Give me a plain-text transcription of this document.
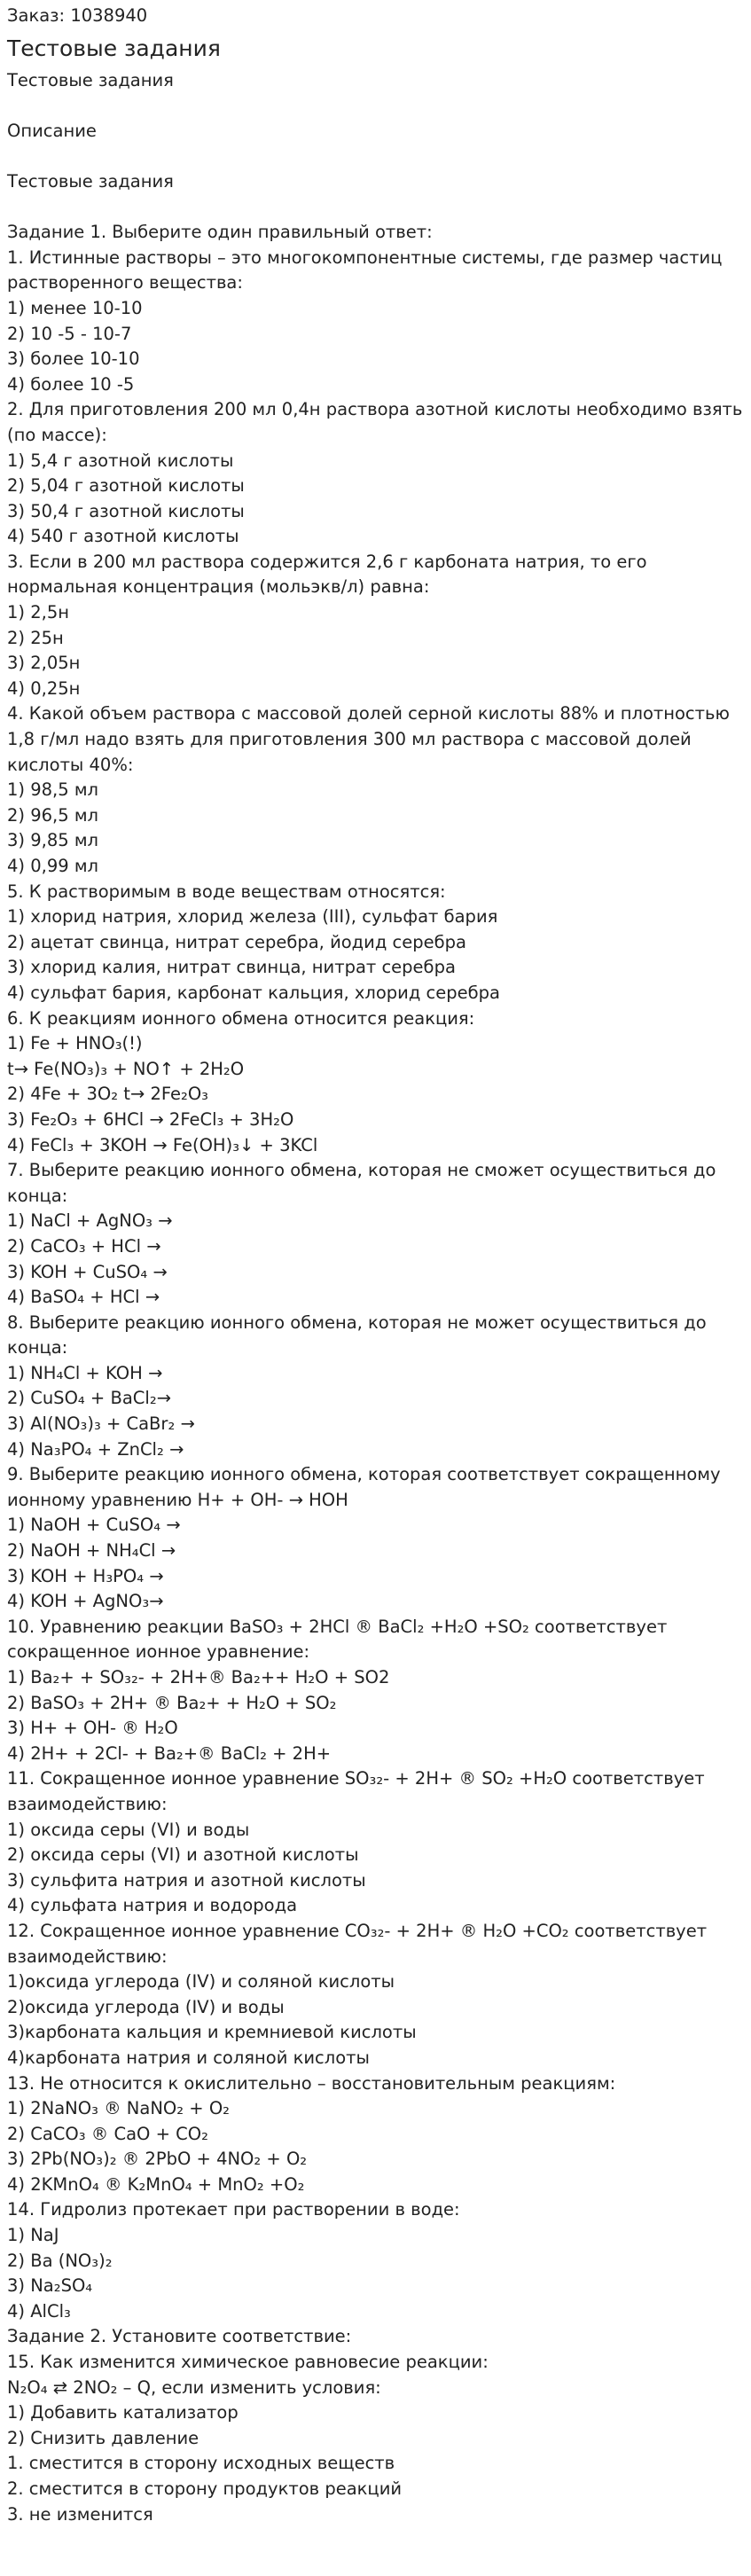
Заказ: 1038940
Тестовые задания
Тестовые задания
Описание
Тестовые задания
Задание 1. Выберите один правильный ответ:
1. Истинные растворы – это многокомпонентные системы, где размер частиц растворенного вещества:
1) менее 10-10
2) 10 -5 - 10-7
3) более 10-10
4) более 10 -5
2. Для приготовления 200 мл 0,4н раствора азотной кислоты необходимо взять (по массе):
1) 5,4 г азотной кислоты
2) 5,04 г азотной кислоты
3) 50,4 г азотной кислоты
4) 540 г азотной кислоты
3. Если в 200 мл раствора содержится 2,6 г карбоната натрия, то его нормальная концентрация (мольэкв/л) равна:
1) 2,5н
2) 25н
3) 2,05н
4) 0,25н
4. Какой объем раствора с массовой долей серной кислоты 88% и плотностью 1,8 г/мл надо взять для приготовления 300 мл раствора с массовой долей кислоты 40%:
1) 98,5 мл
2) 96,5 мл
3) 9,85 мл
4) 0,99 мл
5. К растворимым в воде веществам относятся:
1) хлорид натрия, хлорид железа (III), сульфат бария
2) ацетат свинца, нитрат серебра, йодид серебра
3) хлорид калия, нитрат свинца, нитрат серебра
4) сульфат бария, карбонат кальция, хлорид серебра
6. К реакциям ионного обмена относится реакция:
1) Fe + HNO₃(!)
t→ Fe(NO₃)₃ + NO↑ + 2H₂O
2) 4Fe + 3O₂ t→ 2Fe₂O₃
3) Fe₂O₃ + 6HCl → 2FeCl₃ + 3H₂O
4) FeCl₃ + 3KOH → Fe(OH)₃↓ + 3KCl
7. Выберите реакцию ионного обмена, которая не сможет осуществиться до конца:
1) NaCl + AgNO₃ →
2) CaCO₃ + HCl →
3) KOH + CuSO₄ →
4) BaSO₄ + HCl →
8. Выберите реакцию ионного обмена, которая не может осуществиться до конца:
1) NH₄Cl + KOH →
2) CuSO₄ + BaCl₂→
3) Al(NO₃)₃ + CaBr₂ →
4) Na₃PO₄ + ZnCl₂ →
9. Выберите реакцию ионного обмена, которая соответствует сокращенному ионному уравнению H+ + OH- → HOH
1) NaOH + CuSO₄ →
2) NaOH + NH₄Cl →
3) KOH + H₃PO₄ →
4) KOH + AgNO₃→
10. Уравнению реакции BaSO₃ + 2HCl ® BaCl₂ +H₂O +SO₂ соответствует сокращенное ионное уравнение:
1) Ba₂+ + SO₃₂- + 2H+® Ba₂++ H₂O + SO2
2) BaSO₃ + 2H+ ® Ba₂+ + H₂O + SO₂
3) H+ + OH- ® H₂O
4) 2H+ + 2Cl- + Ba₂+® BaCl₂ + 2H+
11. Сокращенное ионное уравнение SO₃₂- + 2H+ ® SO₂ +H₂O соответствует взаимодействию:
1) оксида серы (VI) и воды
2) оксида серы (VI) и азотной кислоты
3) сульфита натрия и азотной кислоты
4) сульфата натрия и водорода
12. Сокращенное ионное уравнение CO₃₂- + 2H+ ® H₂O +CO₂ соответствует взаимодействию:
1)оксида углерода (IV) и соляной кислоты
2)оксида углерода (IV) и воды
3)карбоната кальция и кремниевой кислоты
4)карбоната натрия и соляной кислоты
13. Не относится к окислительно – восстановительным реакциям:
1) 2NaNO₃ ® NaNO₂ + O₂
2) CaCO₃ ® CaO + CO₂
3) 2Pb(NO₃)₂ ® 2PbO + 4NO₂ + O₂
4) 2KMnO₄ ® K₂MnO₄ + MnO₂ +O₂
14. Гидролиз протекает при растворении в воде:
1) NaJ
2) Ba (NO₃)₂
3) Na₂SO₄
4) AlCl₃
Задание 2. Установите соответствие:
15. Как изменится химическое равновесие реакции:
N₂O₄ ⇄ 2NO₂ – Q, если изменить условия:
1) Добавить катализатор
2) Снизить давление
1. сместится в сторону исходных веществ
2. сместится в сторону продуктов реакций
3. не изменится
